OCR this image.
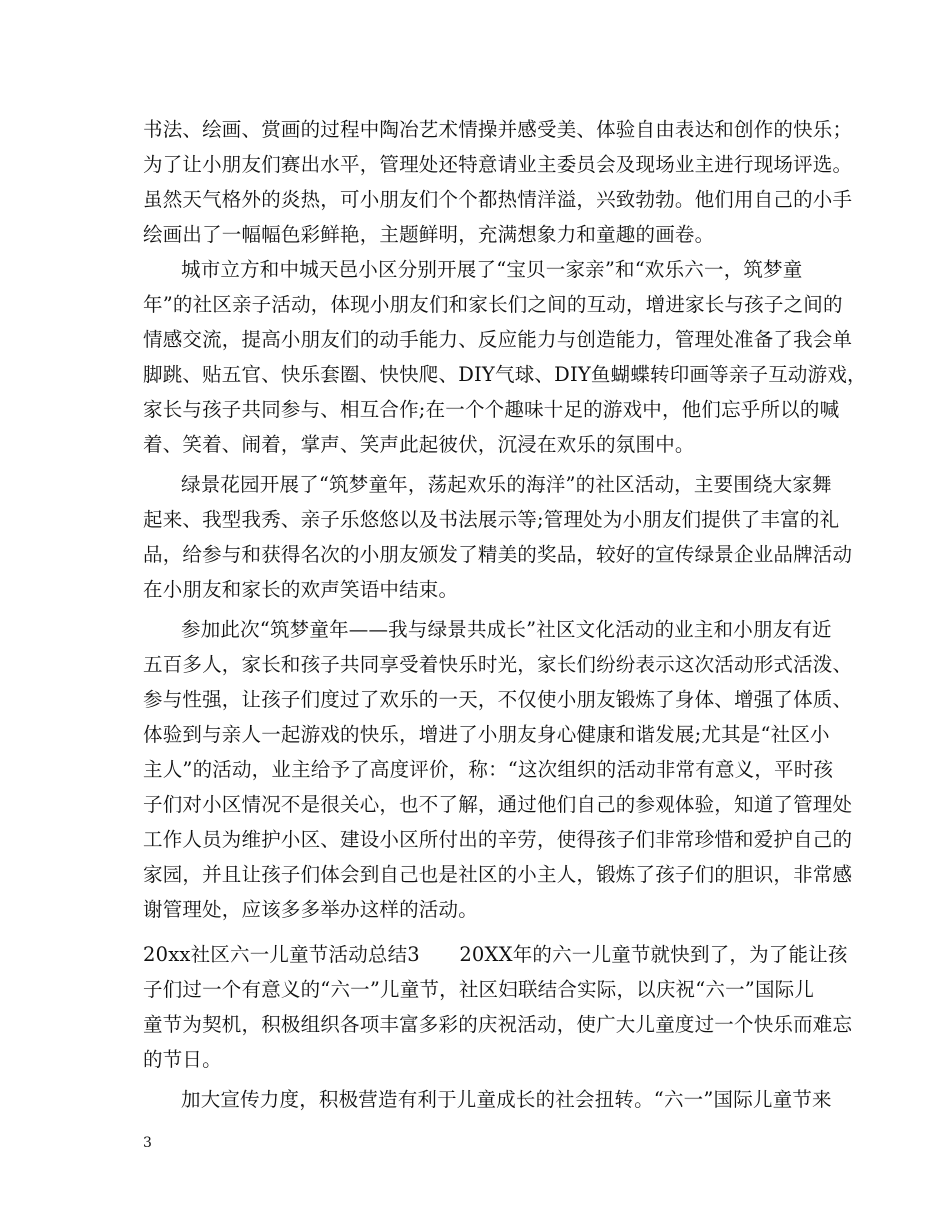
书法、绘画、赏画的过程中陶冶艺术情操并感受美、体验自由表达和创作的快乐；
为了让小朋友们赛出水平，管理处还特意请业主委员会及现场业主进行现场评选。
虽然天气格外的炎热，可小朋友们个个都热情洋溢，兴致勃勃。他们用自己的小手
绘画出了一幅幅色彩鲜艳，主题鲜明，充满想象力和童趣的画卷。
城市立方和中城天邑小区分别开展了“宝贝一家亲”和“欢乐六一，筑梦童
年”的社区亲子活动，体现小朋友们和家长们之间的互动，增进家长与孩子之间的
情感交流，提高小朋友们的动手能力、反应能力与创造能力，管理处准备了我会单
脚跳、贴五官、快乐套圈、快快爬、DIY气球、DIY鱼蝴蝶转印画等亲子互动游戏，
家长与孩子共同参与、相互合作;在一个个趣味十足的游戏中，他们忘乎所以的喊
着、笑着、闹着，掌声、笑声此起彼伏，沉浸在欢乐的氛围中。
绿景花园开展了“筑梦童年，荡起欢乐的海洋”的社区活动，主要围绕大家舞
起来、我型我秀、亲子乐悠悠以及书法展示等;管理处为小朋友们提供了丰富的礼
品，给参与和获得名次的小朋友颁发了精美的奖品，较好的宣传绿景企业品牌活动
在小朋友和家长的欢声笑语中结束。
参加此次“筑梦童年——我与绿景共成长”社区文化活动的业主和小朋友有近
五百多人，家长和孩子共同享受着快乐时光，家长们纷纷表示这次活动形式活泼、
参与性强，让孩子们度过了欢乐的一天，不仅使小朋友锻炼了身体、增强了体质、
体验到与亲人一起游戏的快乐，增进了小朋友身心健康和谐发展;尤其是“社区小
主人”的活动，业主给予了高度评价，称：“这次组织的活动非常有意义，平时孩
子们对小区情况不是很关心，也不了解，通过他们自己的参观体验，知道了管理处
工作人员为维护小区、建设小区所付出的辛劳，使得孩子们非常珍惜和爱护自己的
家园，并且让孩子们体会到自己也是社区的小主人，锻炼了孩子们的胆识，非常感
谢管理处，应该多多举办这样的活动。
20xx社区六一儿童节活动总结3　　20XX年的六一儿童节就快到了，为了能让孩
子们过一个有意义的“六一”儿童节，社区妇联结合实际，以庆祝“六一”国际儿
童节为契机，积极组织各项丰富多彩的庆祝活动，使广大儿童度过一个快乐而难忘
的节日。
加大宣传力度，积极营造有利于儿童成长的社会扭转。“六一”国际儿童节来
3
